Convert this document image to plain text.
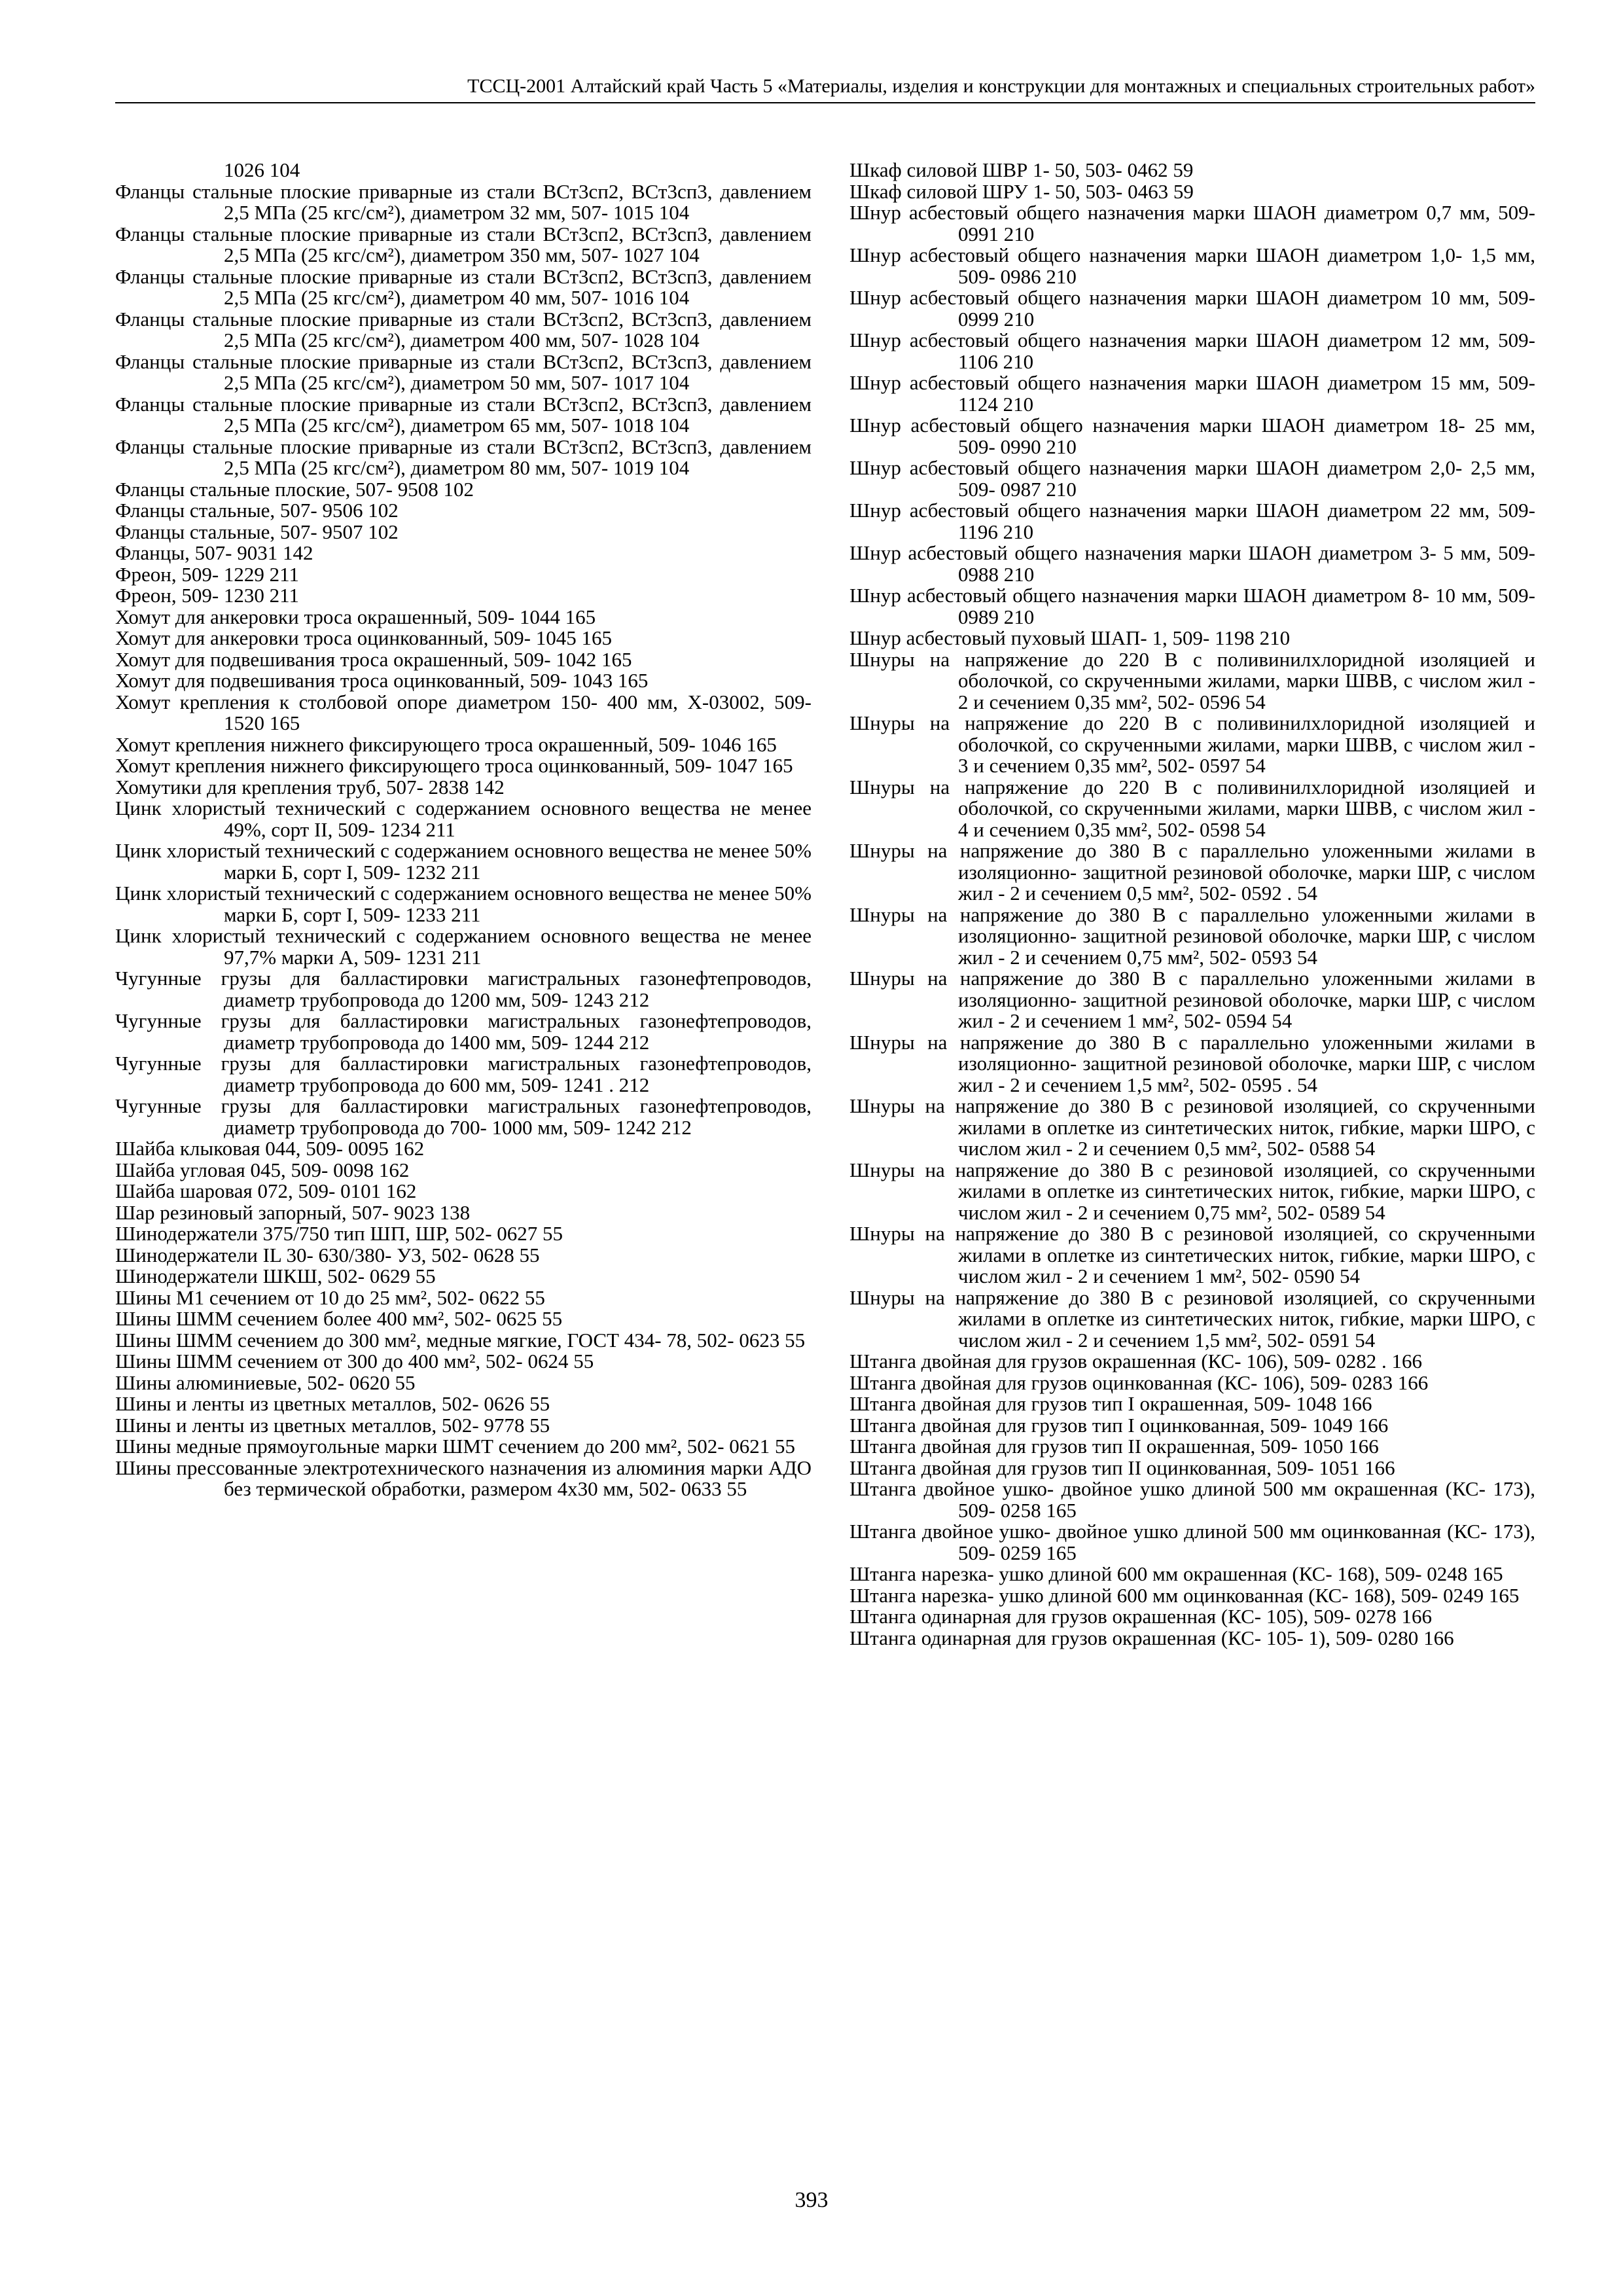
ТССЦ-2001 Алтайский край Часть 5 «Материалы, изделия и конструкции для монтажных и специальных строительных работ»
1026 104
Фланцы стальные плоские приварные из стали ВСт3сп2, ВСт3сп3, давлением 2,5 МПа (25 кгс/см²), диаметром 32 мм, 507- 1015 104
Фланцы стальные плоские приварные из стали ВСт3сп2, ВСт3сп3, давлением 2,5 МПа (25 кгс/см²), диаметром 350 мм, 507- 1027 104
Фланцы стальные плоские приварные из стали ВСт3сп2, ВСт3сп3, давлением 2,5 МПа (25 кгс/см²), диаметром 40 мм, 507- 1016 104
Фланцы стальные плоские приварные из стали ВСт3сп2, ВСт3сп3, давлением 2,5 МПа (25 кгс/см²), диаметром 400 мм, 507- 1028 104
Фланцы стальные плоские приварные из стали ВСт3сп2, ВСт3сп3, давлением 2,5 МПа (25 кгс/см²), диаметром 50 мм, 507- 1017 104
Фланцы стальные плоские приварные из стали ВСт3сп2, ВСт3сп3, давлением 2,5 МПа (25 кгс/см²), диаметром 65 мм, 507- 1018 104
Фланцы стальные плоские приварные из стали ВСт3сп2, ВСт3сп3, давлением 2,5 МПа (25 кгс/см²), диаметром 80 мм, 507- 1019 104
Фланцы стальные плоские, 507- 9508 102
Фланцы стальные, 507- 9506 102
Фланцы стальные, 507- 9507 102
Фланцы, 507- 9031 142
Фреон, 509- 1229 211
Фреон, 509- 1230 211
Хомут для анкеровки троса окрашенный, 509- 1044 165
Хомут для анкеровки троса оцинкованный, 509- 1045 165
Хомут для подвешивания троса окрашенный, 509- 1042 165
Хомут для подвешивания троса оцинкованный, 509- 1043 165
Хомут крепления к столбовой опоре диаметром 150- 400 мм, Х-03002, 509- 1520 165
Хомут крепления нижнего фиксирующего троса окрашенный, 509- 1046 165
Хомут крепления нижнего фиксирующего троса оцинкованный, 509- 1047 165
Хомутики для крепления труб, 507- 2838 142
Цинк хлористый технический с содержанием основного вещества не менее 49%, сорт II, 509- 1234 211
Цинк хлористый технический с содержанием основного вещества не менее 50% марки Б, сорт I, 509- 1232 211
Цинк хлористый технический с содержанием основного вещества не менее 50% марки Б, сорт I, 509- 1233 211
Цинк хлористый технический с содержанием основного вещества не менее 97,7% марки А, 509- 1231 211
Чугунные грузы для балластировки магистральных газонефтепроводов, диаметр трубопровода до 1200 мм, 509- 1243 212
Чугунные грузы для балластировки магистральных газонефтепроводов, диаметр трубопровода до 1400 мм, 509- 1244 212
Чугунные грузы для балластировки магистральных газонефтепроводов, диаметр трубопровода до 600 мм, 509- 1241 . 212
Чугунные грузы для балластировки магистральных газонефтепроводов, диаметр трубопровода до 700- 1000 мм, 509- 1242 212
Шайба клыковая 044, 509- 0095 162
Шайба угловая 045, 509- 0098 162
Шайба шаровая 072, 509- 0101 162
Шар резиновый запорный, 507- 9023 138
Шинодержатели 375/750 тип ШП, ШР, 502- 0627 55
Шинодержатели IL 30- 630/380- У3, 502- 0628 55
Шинодержатели ШКШ, 502- 0629 55
Шины М1 сечением от 10 до 25 мм², 502- 0622 55
Шины ШММ сечением более 400 мм², 502- 0625 55
Шины ШММ сечением до 300 мм², медные мягкие, ГОСТ 434- 78, 502- 0623 55
Шины ШММ сечением от 300 до 400 мм², 502- 0624 55
Шины алюминиевые, 502- 0620 55
Шины и ленты из цветных металлов, 502- 0626 55
Шины и ленты из цветных металлов, 502- 9778 55
Шины медные прямоугольные марки ШМТ сечением до 200 мм², 502- 0621 55
Шины прессованные электротехнического назначения из алюминия марки АДО без термической обработки, размером 4х30 мм, 502- 0633 55
Шкаф силовой ШВР 1- 50, 503- 0462 59
Шкаф силовой ШРУ 1- 50, 503- 0463 59
Шнур асбестовый общего назначения марки ШАОН диаметром 0,7 мм, 509- 0991 210
Шнур асбестовый общего назначения марки ШАОН диаметром 1,0- 1,5 мм, 509- 0986 210
Шнур асбестовый общего назначения марки ШАОН диаметром 10 мм, 509- 0999 210
Шнур асбестовый общего назначения марки ШАОН диаметром 12 мм, 509- 1106 210
Шнур асбестовый общего назначения марки ШАОН диаметром 15 мм, 509- 1124 210
Шнур асбестовый общего назначения марки ШАОН диаметром 18- 25 мм, 509- 0990 210
Шнур асбестовый общего назначения марки ШАОН диаметром 2,0- 2,5 мм, 509- 0987 210
Шнур асбестовый общего назначения марки ШАОН диаметром 22 мм, 509- 1196 210
Шнур асбестовый общего назначения марки ШАОН диаметром 3- 5 мм, 509- 0988 210
Шнур асбестовый общего назначения марки ШАОН диаметром 8- 10 мм, 509- 0989 210
Шнур асбестовый пуховый ШАП- 1, 509- 1198 210
Шнуры на напряжение до 220 В с поливинилхлоридной изоляцией и оболочкой, со скрученными жилами, марки ШВВ, с числом жил - 2 и сечением 0,35 мм², 502- 0596 54
Шнуры на напряжение до 220 В с поливинилхлоридной изоляцией и оболочкой, со скрученными жилами, марки ШВВ, с числом жил - 3 и сечением 0,35 мм², 502- 0597 54
Шнуры на напряжение до 220 В с поливинилхлоридной изоляцией и оболочкой, со скрученными жилами, марки ШВВ, с числом жил - 4 и сечением 0,35 мм², 502- 0598 54
Шнуры на напряжение до 380 В с параллельно уложенными жилами в изоляционно- защитной резиновой оболочке, марки ШР, с числом жил - 2 и сечением 0,5 мм², 502- 0592 . 54
Шнуры на напряжение до 380 В с параллельно уложенными жилами в изоляционно- защитной резиновой оболочке, марки ШР, с числом жил - 2 и сечением 0,75 мм², 502- 0593 54
Шнуры на напряжение до 380 В с параллельно уложенными жилами в изоляционно- защитной резиновой оболочке, марки ШР, с числом жил - 2 и сечением 1 мм², 502- 0594 54
Шнуры на напряжение до 380 В с параллельно уложенными жилами в изоляционно- защитной резиновой оболочке, марки ШР, с числом жил - 2 и сечением 1,5 мм², 502- 0595 . 54
Шнуры на напряжение до 380 В с резиновой изоляцией, со скрученными жилами в оплетке из синтетических ниток, гибкие, марки ШРО, с числом жил - 2 и сечением 0,5 мм², 502- 0588 54
Шнуры на напряжение до 380 В с резиновой изоляцией, со скрученными жилами в оплетке из синтетических ниток, гибкие, марки ШРО, с числом жил - 2 и сечением 0,75 мм², 502- 0589 54
Шнуры на напряжение до 380 В с резиновой изоляцией, со скрученными жилами в оплетке из синтетических ниток, гибкие, марки ШРО, с числом жил - 2 и сечением 1 мм², 502- 0590 54
Шнуры на напряжение до 380 В с резиновой изоляцией, со скрученными жилами в оплетке из синтетических ниток, гибкие, марки ШРО, с числом жил - 2 и сечением 1,5 мм², 502- 0591 54
Штанга двойная для грузов окрашенная (КС- 106), 509- 0282 . 166
Штанга двойная для грузов оцинкованная (КС- 106), 509- 0283 166
Штанга двойная для грузов тип I окрашенная, 509- 1048 166
Штанга двойная для грузов тип I оцинкованная, 509- 1049 166
Штанга двойная для грузов тип II окрашенная, 509- 1050 166
Штанга двойная для грузов тип II оцинкованная, 509- 1051 166
Штанга двойное ушко- двойное ушко длиной 500 мм окрашенная (КС- 173), 509- 0258 165
Штанга двойное ушко- двойное ушко длиной 500 мм оцинкованная (КС- 173), 509- 0259 165
Штанга нарезка- ушко длиной 600 мм окрашенная (КС- 168), 509- 0248 165
Штанга нарезка- ушко длиной 600 мм оцинкованная (КС- 168), 509- 0249 165
Штанга одинарная для грузов окрашенная (КС- 105), 509- 0278 166
Штанга одинарная для грузов окрашенная (КС- 105- 1), 509- 0280 166
393
